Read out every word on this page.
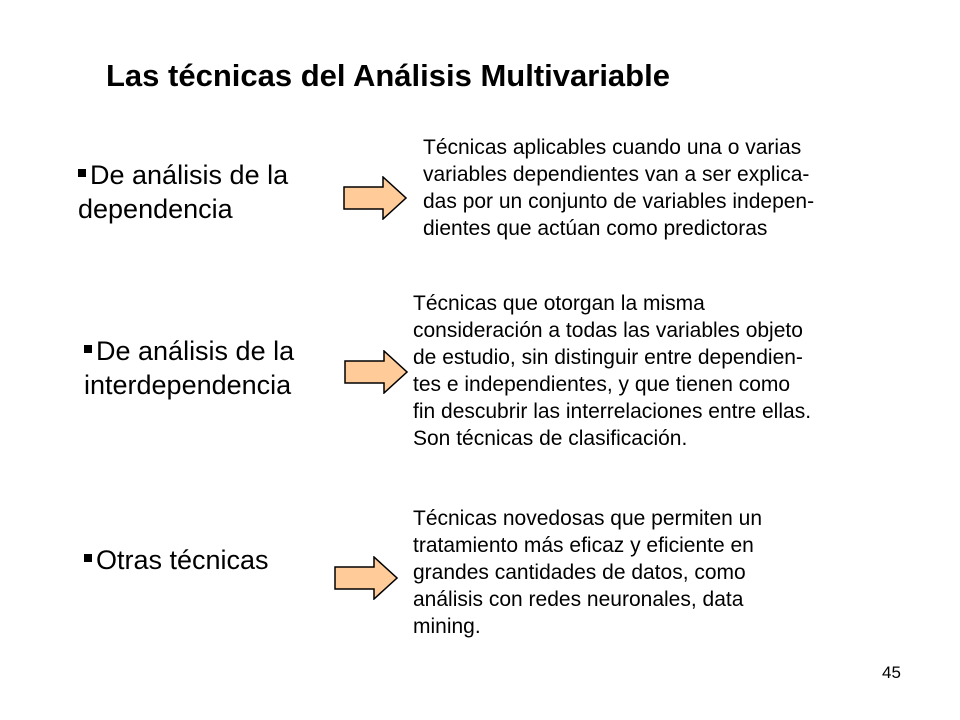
Las técnicas del Análisis Multivariable
De análisis de la
dependencia
Técnicas aplicables cuando una o varias
variables dependientes van a ser explica-
das por un conjunto de variables indepen-
dientes que actúan como predictoras
De análisis de la
interdependencia
Técnicas que otorgan la misma
consideración a todas las variables objeto
de estudio, sin distinguir entre dependien-
tes e independientes, y que tienen como
fin descubrir las interrelaciones entre ellas.
Son técnicas de clasificación.
Otras técnicas
Técnicas novedosas que permiten un
tratamiento más eficaz y eficiente en
grandes cantidades de datos, como
análisis con redes neuronales, data
mining.
45
